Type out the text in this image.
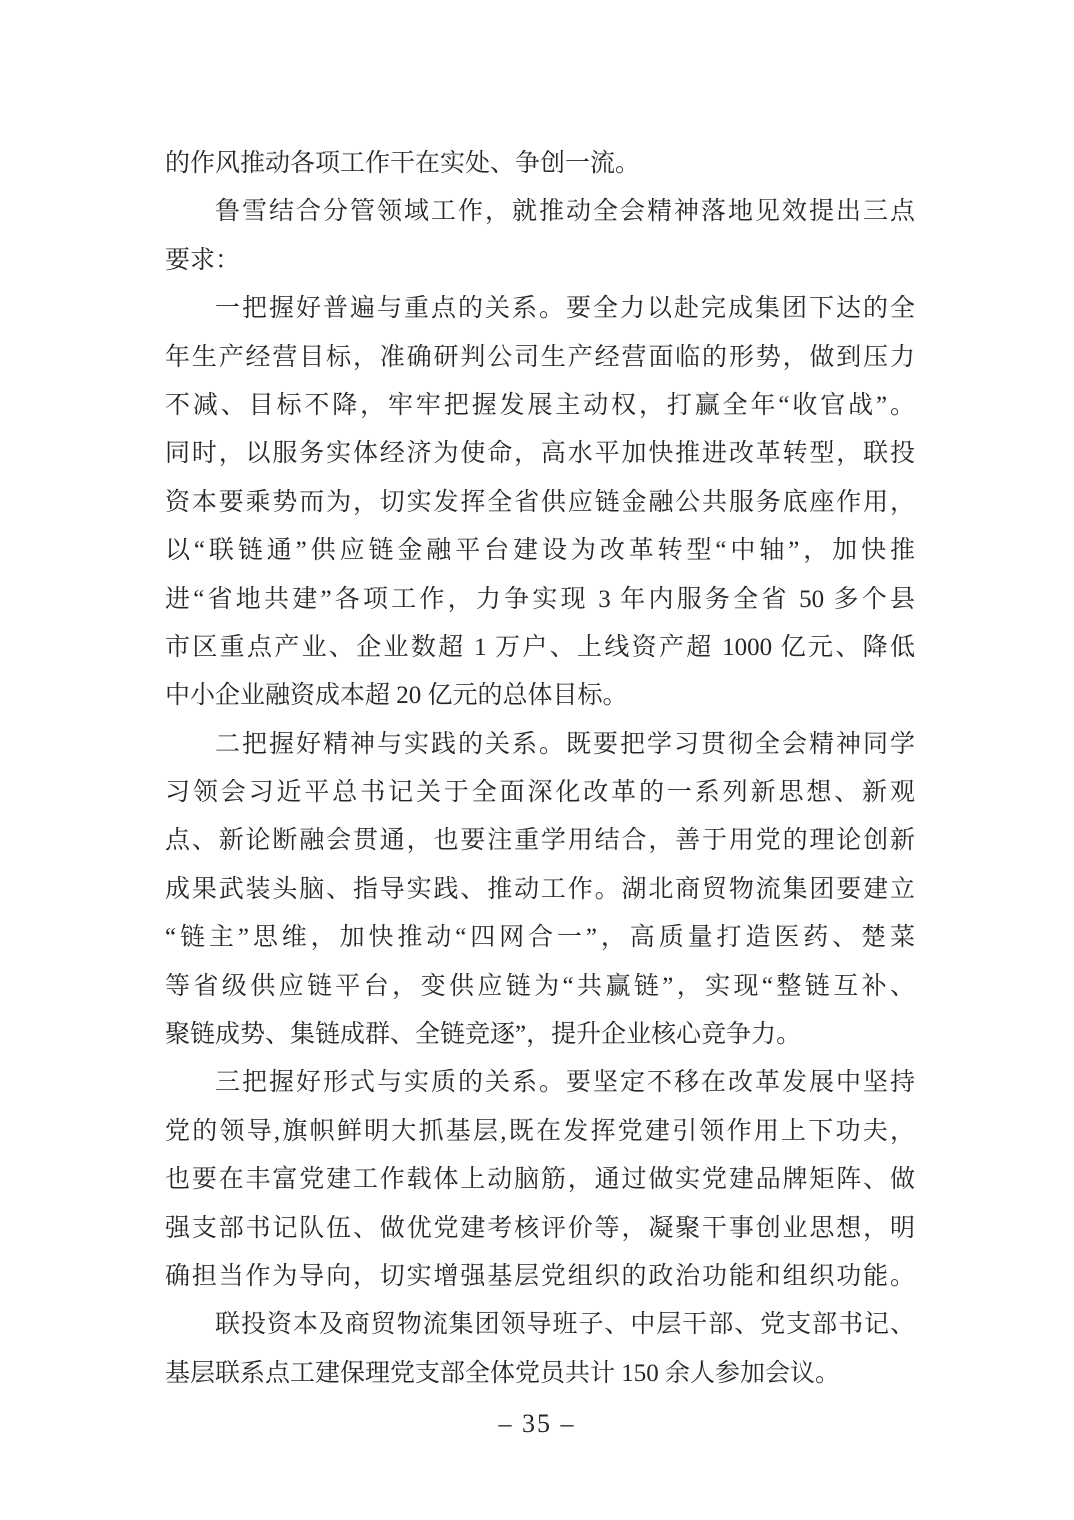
的作风推动各项工作干在实处、争创一流。
鲁雪结合分管领域工作，就推动全会精神落地见效提出三点
要求：
一把握好普遍与重点的关系。要全力以赴完成集团下达的全
年生产经营目标，准确研判公司生产经营面临的形势，做到压力
不减、目标不降，牢牢把握发展主动权，打赢全年“收官战”。
同时，以服务实体经济为使命，高水平加快推进改革转型，联投
资本要乘势而为，切实发挥全省供应链金融公共服务底座作用，
以“联链通”供应链金融平台建设为改革转型“中轴”，加快推
进“省地共建”各项工作，力争实现 3 年内服务全省 50 多个县
市区重点产业、企业数超 1 万户、上线资产超 1000 亿元、降低
中小企业融资成本超 20 亿元的总体目标。
二把握好精神与实践的关系。既要把学习贯彻全会精神同学
习领会习近平总书记关于全面深化改革的一系列新思想、新观
点、新论断融会贯通，也要注重学用结合，善于用党的理论创新
成果武装头脑、指导实践、推动工作。湖北商贸物流集团要建立
“链主”思维，加快推动“四网合一”，高质量打造医药、楚菜
等省级供应链平台，变供应链为“共赢链”，实现“整链互补、
聚链成势、集链成群、全链竞逐”，提升企业核心竞争力。
三把握好形式与实质的关系。要坚定不移在改革发展中坚持
党的领导,旗帜鲜明大抓基层,既在发挥党建引领作用上下功夫，
也要在丰富党建工作载体上动脑筋，通过做实党建品牌矩阵、做
强支部书记队伍、做优党建考核评价等，凝聚干事创业思想，明
确担当作为导向，切实增强基层党组织的政治功能和组织功能。
联投资本及商贸物流集团领导班子、中层干部、党支部书记、
基层联系点工建保理党支部全体党员共计 150 余人参加会议。
– 35 –
